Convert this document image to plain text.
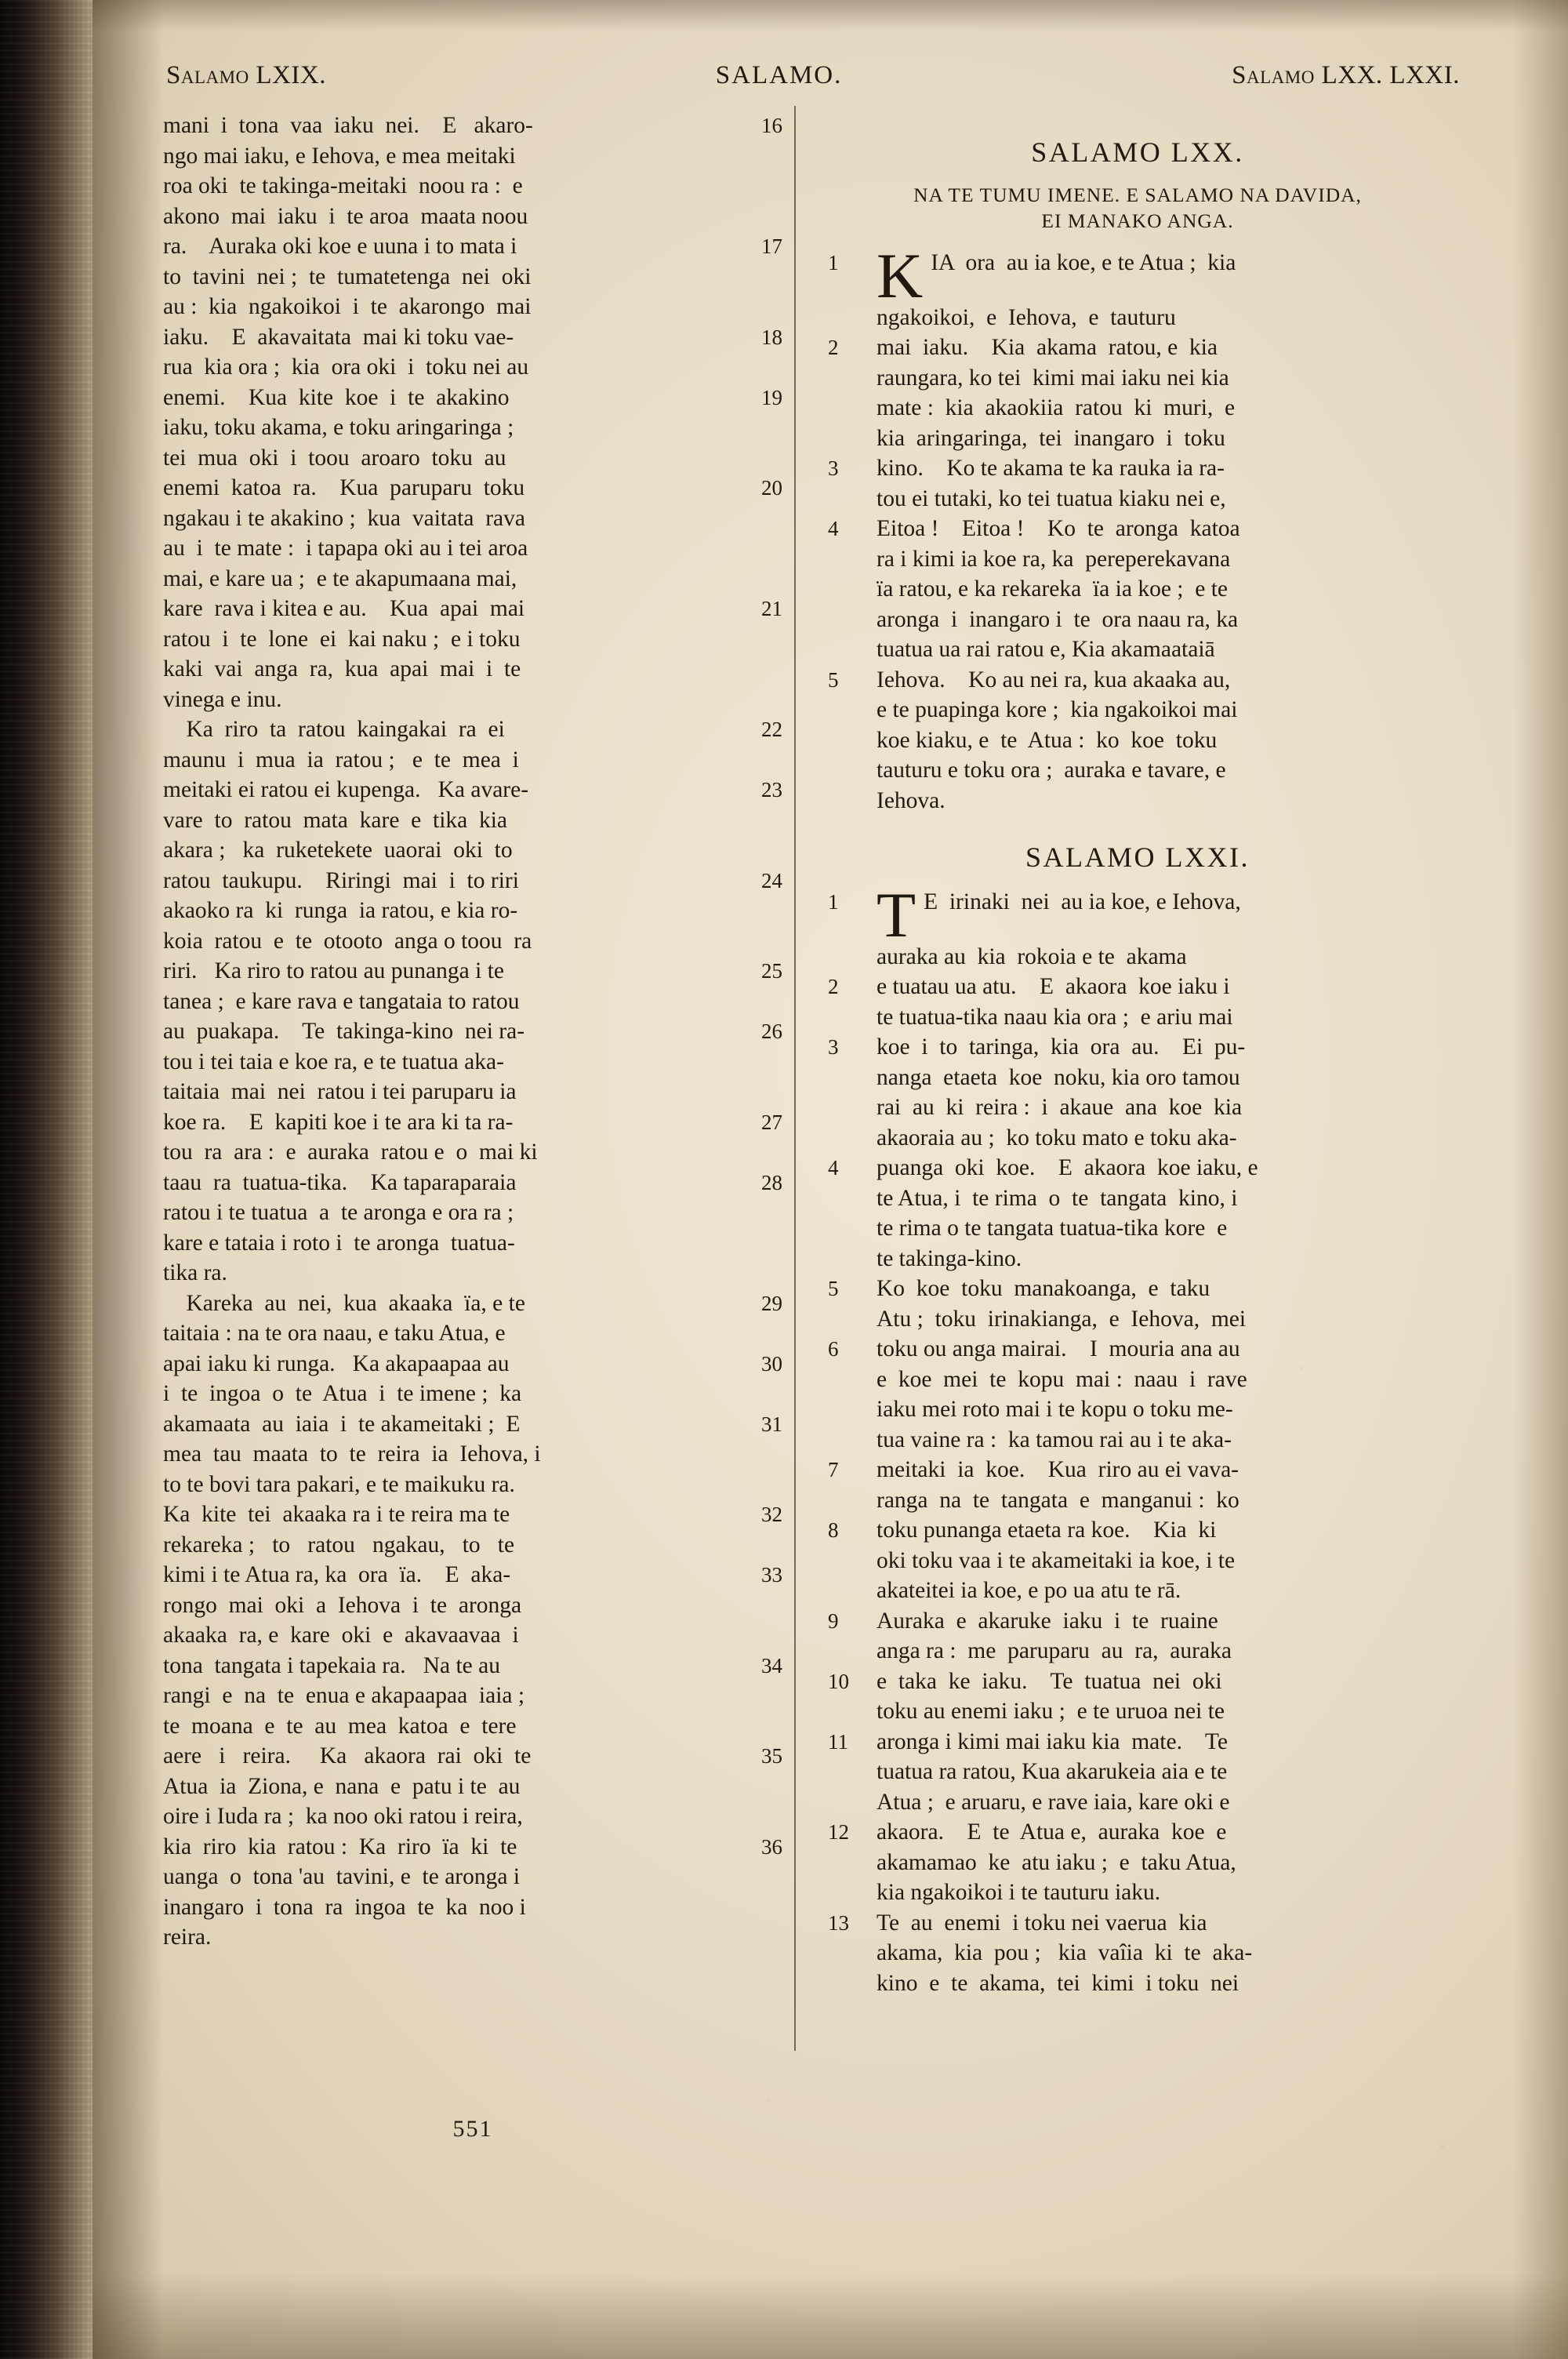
Salamo LXIX.	SALAMO.	Salamo LXX. LXXI.
mani  i  tona  vaa  iaku  nei.    E   akaro-	16
ngo mai iaku, e Iehova, e mea meitaki
roa oki  te takinga-meitaki  noou ra :  e
akono  mai  iaku  i  te aroa  maata noou
ra.    Auraka oki koe e uuna i to mata i	17
to  tavini  nei ;  te  tumatetenga  nei  oki
au :  kia  ngakoikoi  i  te  akarongo  mai
iaku.    E  akavaitata  mai ki toku vae-	18
rua  kia ora ;  kia  ora oki  i  toku nei au
enemi.    Kua  kite  koe  i  te  akakino	19
iaku, toku akama, e toku aringaringa ;
tei  mua  oki  i  toou  aroaro  toku  au
enemi  katoa  ra.    Kua  paruparu  toku	20
ngakau i te akakino ;  kua  vaitata  rava
au  i  te mate :  i tapapa oki au i tei aroa
mai, e kare ua ;  e te akapumaana mai,
kare  rava i kitea e au.    Kua  apai  mai	21
ratou  i  te  lone  ei  kai naku ;  e i toku
kaki  vai  anga  ra,  kua  apai  mai  i  te
vinega e inu.
Ka  riro  ta  ratou  kaingakai  ra  ei	22
maunu  i  mua  ia  ratou ;   e  te  mea  i
meitaki ei ratou ei kupenga.   Ka avare-	23
vare  to  ratou  mata  kare  e  tika  kia
akara ;   ka  ruketekete  uaorai  oki  to
ratou  taukupu.    Riringi  mai  i  to riri	24
akaoko ra  ki  runga  ia ratou, e kia ro-
koia  ratou  e  te  otooto  anga o toou  ra
riri.   Ka riro to ratou au punanga i te	25
tanea ;  e kare rava e tangataia to ratou
au  puakapa.    Te  takinga-kino  nei ra-	26
tou i tei taia e koe ra, e te tuatua aka-
taitaia  mai  nei  ratou i tei paruparu ia
koe ra.    E  kapiti koe i te ara ki ta ra-	27
tou  ra  ara :  e  auraka  ratou e  o  mai ki
taau  ra  tuatua-tika.    Ka taparaparaia	28
ratou i te tuatua  a  te aronga e ora ra ;
kare e tataia i roto i  te aronga  tuatua-
tika ra.
Kareka  au  nei,  kua  akaaka  ïa, e te	29
taitaia : na te ora naau, e taku Atua, e
apai iaku ki runga.   Ka akapaapaa au	30
i  te  ingoa  o  te  Atua  i  te imene ;  ka
akamaata  au  iaia  i  te akameitaki ;  E	31
mea  tau  maata  to  te  reira  ia  Iehova, i
to te bovi tara pakari, e te maikuku ra.
Ka  kite  tei  akaaka ra i te reira ma te	32
rekareka ;   to   ratou   ngakau,   to   te
kimi i te Atua ra, ka  ora  ïa.    E  aka-	33
rongo  mai  oki  a  Iehova  i  te  aronga
akaaka  ra, e  kare  oki  e  akavaavaa  i
tona  tangata i tapekaia ra.   Na te au	34
rangi  e  na  te  enua e akapaapaa  iaia ;
te  moana  e  te  au  mea  katoa  e  tere
aere   i   reira.     Ka   akaora  rai  oki  te	35
Atua  ia  Ziona, e  nana  e  patu i te  au
oire i Iuda ra ;  ka noo oki ratou i reira,
kia  riro  kia  ratou :  Ka  riro  ïa  ki  te	36
uanga  o  tona 'au  tavini, e  te aronga i
inangaro  i  tona  ra  ingoa  te  ka  noo i
reira.
SALAMO LXX.
NA TE TUMU IMENE. E SALAMO NA DAVIDA,
EI MANAKO ANGA.
1 KIA  ora  au ia koe, e te Atua ;  kia
ngakoikoi,  e  Iehova,  e  tauturu
2	mai  iaku.    Kia  akama  ratou, e  kia
raungara, ko tei  kimi mai iaku nei kia
mate :  kia  akaokiia  ratou  ki  muri,  e
kia  aringaringa,  tei  inangaro  i  toku
3	kino.    Ko te akama te ka rauka ia ra-
tou ei tutaki, ko tei tuatua kiaku nei e,
4	Eitoa !    Eitoa !    Ko  te  aronga  katoa
ra i kimi ia koe ra, ka  pereperekavana
ïa ratou, e ka rekareka  ïa ia koe ;  e te
aronga  i  inangaro i  te  ora naau ra, ka
tuatua ua rai ratou e, Kia akamaataiā
5	Iehova.    Ko au nei ra, kua akaaka au,
e te puapinga kore ;  kia ngakoikoi mai
koe kiaku, e  te  Atua :  ko  koe  toku
tauturu e toku ora ;  auraka e tavare, e
Iehova.
SALAMO LXXI.
1 T E  irinaki  nei  au ia koe, e Iehova,
auraka au  kia  rokoia e te  akama
2	e tuatau ua atu.    E  akaora  koe iaku i
te tuatua-tika naau kia ora ;  e ariu mai
3	koe  i  to  taringa,  kia  ora  au.    Ei  pu-
nanga  etaeta  koe  noku, kia oro tamou
rai  au  ki  reira :  i  akaue  ana  koe  kia
akaoraia au ;  ko toku mato e toku aka-
4	puanga  oki  koe.    E  akaora  koe iaku, e
te Atua, i  te rima  o  te  tangata  kino, i
te rima o te tangata tuatua-tika kore  e
te takinga-kino.
5	Ko  koe  toku  manakoanga,  e  taku
Atu ;  toku  irinakianga,  e  Iehova,  mei
6	toku ou anga mairai.    I  mouria ana au
e  koe  mei  te  kopu  mai :  naau  i  rave
iaku mei roto mai i te kopu o toku me-
tua vaine ra :  ka tamou rai au i te aka-
7	meitaki  ia  koe.    Kua  riro au ei vava-
ranga  na  te  tangata  e  manganui :  ko
8	toku punanga etaeta ra koe.    Kia  ki
oki toku vaa i te akameitaki ia koe, i te
akateitei ia koe, e po ua atu te rā.
9	Auraka  e  akaruke  iaku  i  te  ruaine
anga ra :  me  paruparu  au  ra,  auraka
10	e  taka  ke  iaku.    Te  tuatua  nei  oki
toku au enemi iaku ;  e te uruoa nei te
11	aronga i kimi mai iaku kia  mate.    Te
tuatua ra ratou, Kua akarukeia aia e te
Atua ;  e aruaru, e rave iaia, kare oki e
12	akaora.    E  te  Atua e,  auraka  koe  e
akamamao  ke  atu iaku ;  e  taku Atua,
kia ngakoikoi i te tauturu iaku.
13	Te  au  enemi  i toku nei vaerua  kia
akama,  kia  pou ;   kia  vaîia  ki  te  aka-
kino  e  te  akama,  tei  kimi  i toku  nei
551
